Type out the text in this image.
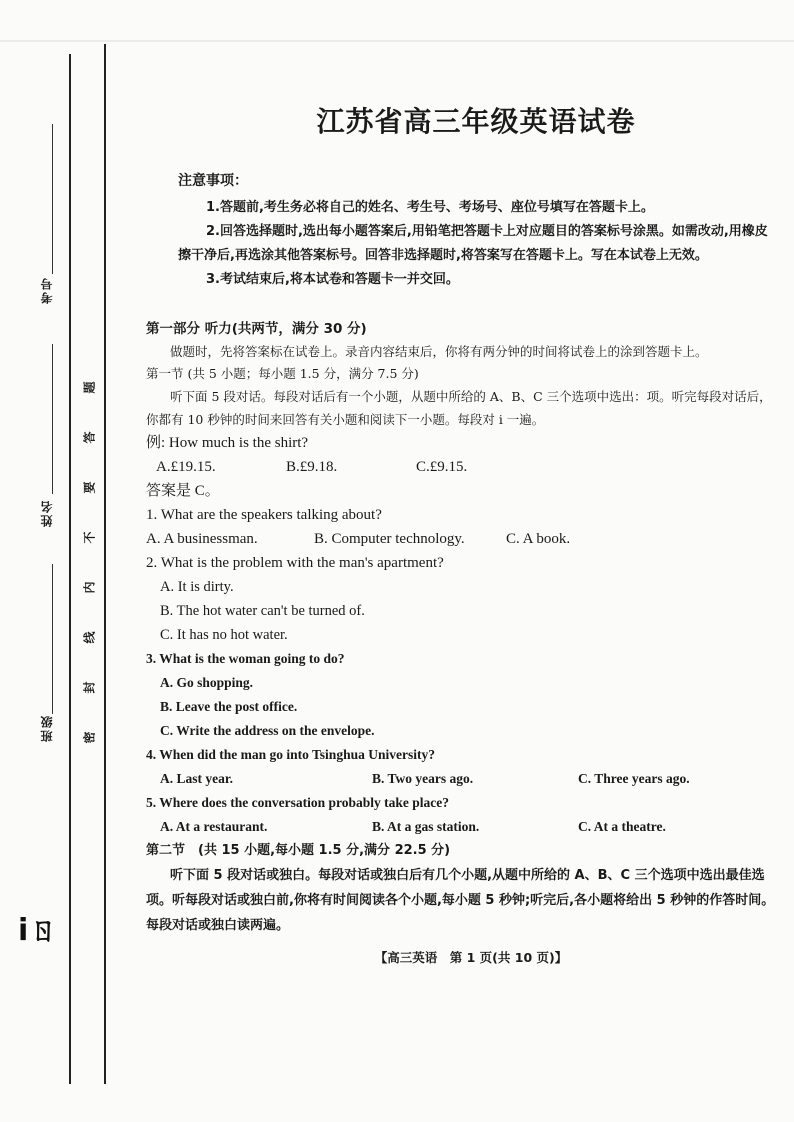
考号
姓名
班级
题
答
要
不
内
线
封
密
iㄖ
江苏省高三年级英语试卷
注意事项：
1.答题前,考生务必将自己的姓名、考生号、考场号、座位号填写在答题卡上。
2.回答选择题时,选出每小题答案后,用铅笔把答题卡上对应题目的答案标号涂黑。如需改动,用橡皮擦干净后,再选涂其他答案标号。回答非选择题时,将答案写在答题卡上。写在本试卷上无效。
3.考试结束后,将本试卷和答题卡一并交回。
第一部分 听力(共两节，满分 30 分)
做题时，先将答案标在试卷上。录音内容结束后，你将有两分钟的时间将试卷上的涂到答题卡上。
第一节 (共 5 小题；每小题 1.5 分，满分 7.5 分)
听下面 5 段对话。每段对话后有一个小题，从题中所给的 A、B、C 三个选项中选出：项。听完每段对话后，你都有 10 秒钟的时间来回答有关小题和阅读下一小题。每段对 i 一遍。
例: How much is the shirt?
A.£19.15.	B.£9.18.	C.£9.15.
答案是 C。
1. What are the speakers talking about?
A. A businessman.	B. Computer technology.	C. A book.
2. What is the problem with the man's apartment?
A. It is dirty.
B. The hot water can't be turned of.
C. It has no hot water.
3. What is the woman going to do?
A. Go shopping.
B. Leave the post office.
C. Write the address on the envelope.
4. When did the man go into Tsinghua University?
A. Last year.	B. Two years ago.	C. Three years ago.
5. Where does the conversation probably take place?
A. At a restaurant.	B. At a gas station.	C. At a theatre.
第二节　(共 15 小题,每小题 1.5 分,满分 22.5 分)
听下面 5 段对话或独白。每段对话或独白后有几个小题,从题中所给的 A、B、C 三个选项中选出最佳选项。听每段对话或独白前,你将有时间阅读各个小题,每小题 5 秒钟;听完后,各小题将给出 5 秒钟的作答时间。每段对话或独白读两遍。
【高三英语　第 1 页(共 10 页)】
